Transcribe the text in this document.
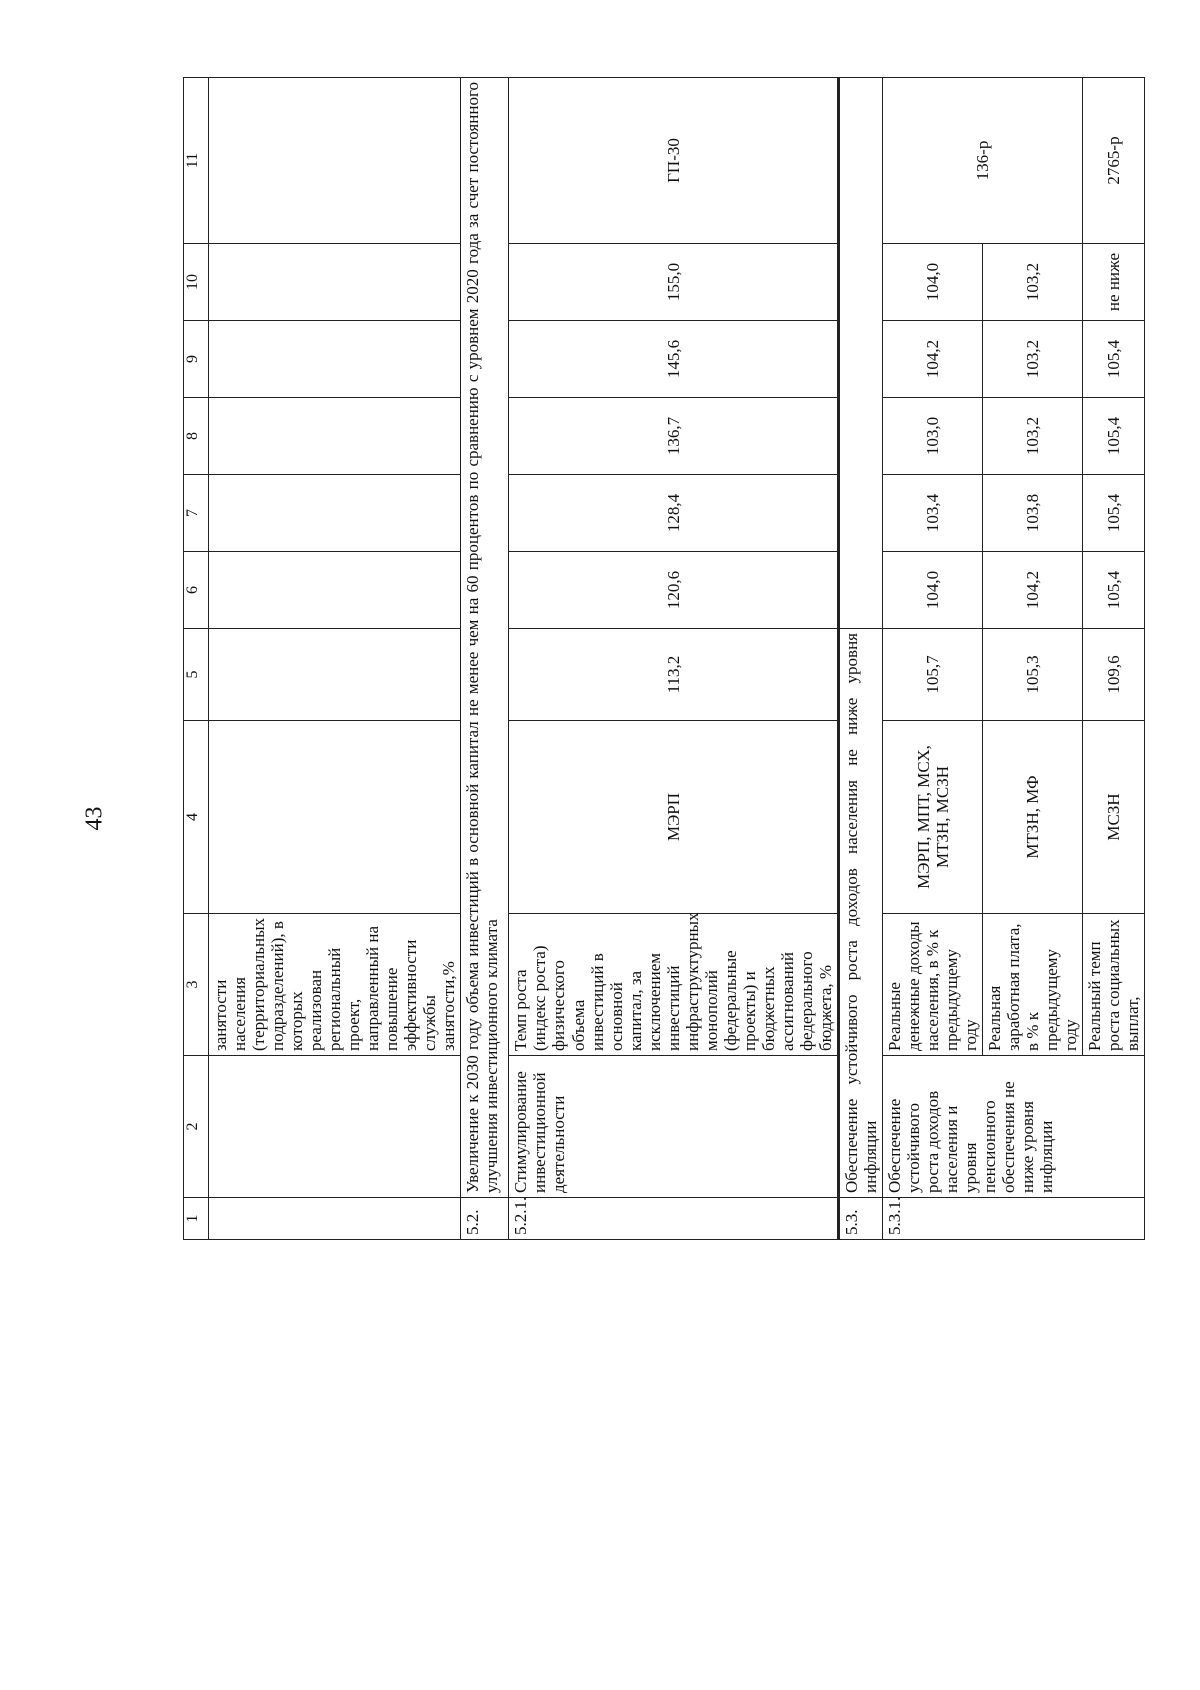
43
1	2	3	4	5	6	7	8	9	10	11
		занятости населения (территориальных подразделений), в которых реализован региональный проект, направленный на повышение эффективности службы занятости,%								
5.2.	Увеличение к 2030 году объема инвестиций в основной капитал не менее чем на 60 процентов по сравнению с уровнем 2020 года за счет постоянного улучшения инвестиционного климата									
5.2.1.	Стимулирование инвестиционной деятельности	Темп роста (индекс роста) физического объема инвестиций в основной капитал, за исключением инвестиций инфраструктурных монополий (федеральные проекты) и бюджетных ассигнований федерального бюджета, %	МЭРП	113,2	120,6	128,4	136,7	145,6	155,0	ГП-30
5.3.	Обеспечение устойчивого роста доходов населения не ниже уровня инфляции									
5.3.1.	Обеспечение устойчивого роста доходов населения и уровня пенсионного обеспечения не ниже уровня инфляции	Реальные денежные доходы населения, в % к предыдущему году	МЭРП, МПТ, МСХ, МТЗН, МСЗН	105,7	104,0	103,4	103,0	104,2	104,0	136-р
		Реальная заработная плата, в % к предыдущему году	МТЗН, МФ	105,3	104,2	103,8	103,2	103,2	103,2	
		Реальный темп роста социальных выплат,	МСЗН	109,6	105,4	105,4	105,4	105,4	не ниже	2765-р
